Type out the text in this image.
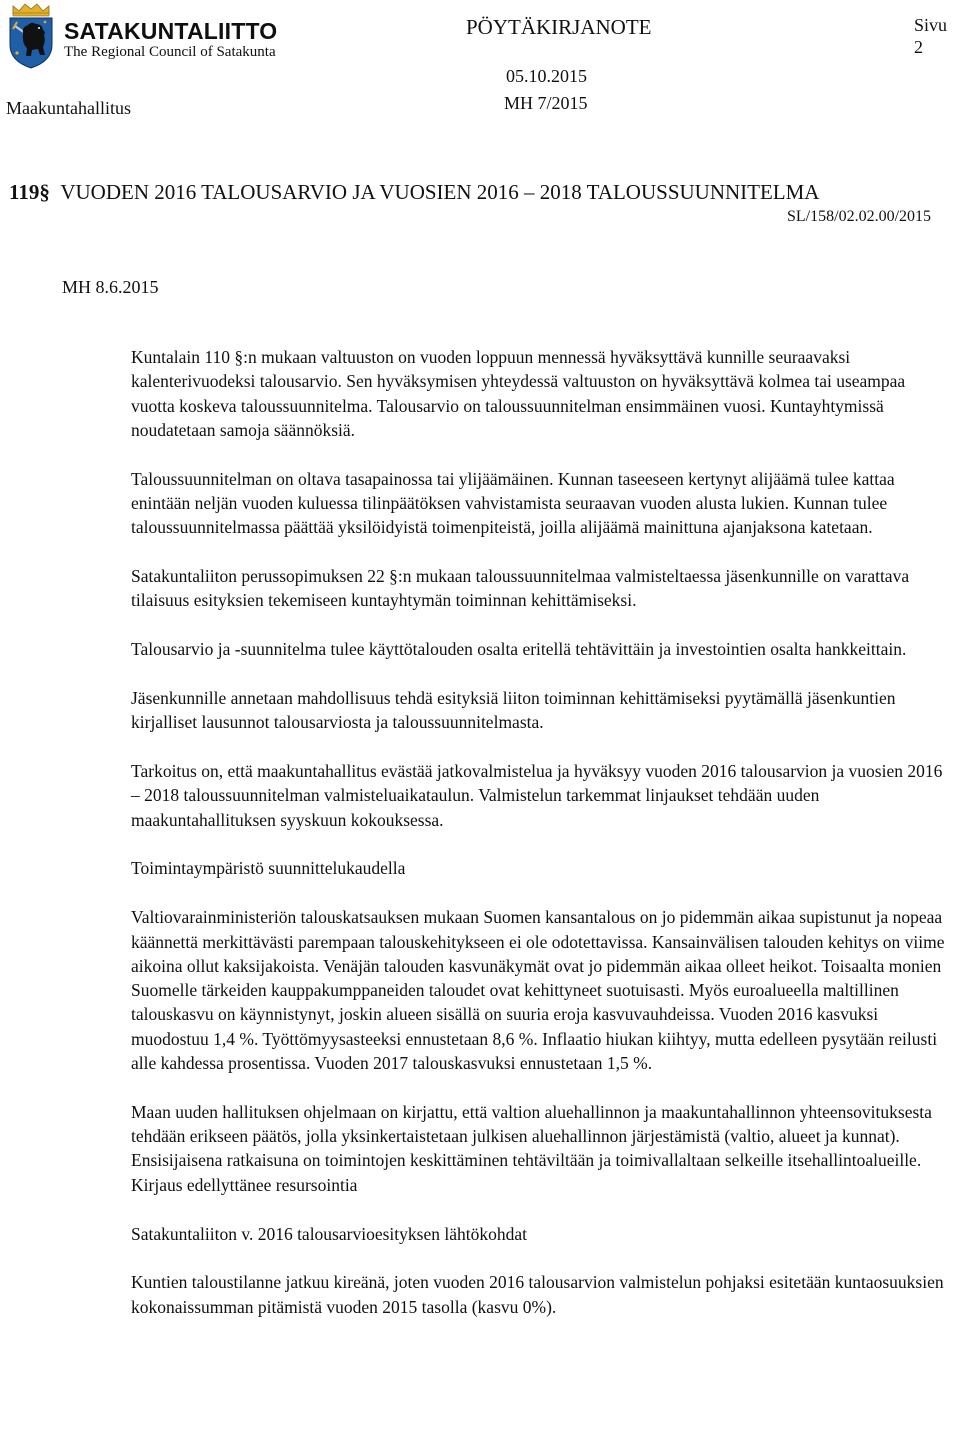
SATAKUNTALIITTO
The Regional Council of Satakunta
PÖYTÄKIRJANOTE	Sivu 2
05.10.2015
Maakuntahallitus	MH 7/2015
119§ VUODEN 2016 TALOUSARVIO JA VUOSIEN 2016 – 2018 TALOUSSUUNNITELMA
SL/158/02.02.00/2015
MH 8.6.2015

Kuntalain 110 §:n mukaan valtuuston on vuoden loppuun mennessä hyväksyttävä kunnille seuraavaksi kalenterivuodeksi talousarvio. Sen hyväksymisen yhteydessä valtuuston on hyväksyttävä kolmea tai useampaa vuotta koskeva taloussuunnitelma. Talousarvio on taloussuunnitelman ensimmäinen vuosi. Kuntayhtymissä noudatetaan samoja säännöksiä.

Taloussuunnitelman on oltava tasapainossa tai ylijäämäinen. Kunnan taseeseen kertynyt alijäämä tulee kattaa enintään neljän vuoden kuluessa tilinpäätöksen vahvistamista seuraavan vuoden alusta lukien. Kunnan tulee taloussuunnitelmassa päättää yksilöidyistä toimenpiteistä, joilla alijäämä mainittuna ajanjaksona katetaan.

Satakuntaliiton perussopimuksen 22 §:n mukaan taloussuunnitelmaa valmisteltaessa jäsenkunnille on varattava tilaisuus esityksien tekemiseen kuntayhtymän toiminnan kehittämiseksi.

Talousarvio ja -suunnitelma tulee käyttötalouden osalta eritellä tehtävittäin ja investointien osalta hankkeittain.

Jäsenkunnille annetaan mahdollisuus tehdä esityksiä liiton toiminnan kehittämiseksi pyytämällä jäsenkuntien kirjalliset lausunnot talousarviosta ja taloussuunnitelmasta.

Tarkoitus on, että maakuntahallitus evästää jatkovalmistelua ja hyväksyy vuoden 2016 talousarvion ja vuosien 2016 – 2018 taloussuunnitelman valmisteluaikataulun. Valmistelun tarkemmat linjaukset tehdään uuden maakuntahallituksen syyskuun kokouksessa.

Toimintaympäristö suunnittelukaudella

Valtiovarainministeriön talouskatsauksen mukaan Suomen kansantalous on jo pidemmän aikaa supistunut ja nopeaa käännettä merkittävästi parempaan talouskehitykseen ei ole odotettavissa. Kansainvälisen talouden kehitys on viime aikoina ollut kaksijakoista. Venäjän talouden kasvunäkymät ovat jo pidemmän aikaa olleet heikot. Toisaalta monien Suomelle tärkeiden kauppakumppaneiden taloudet ovat kehittyneet suotuisasti. Myös euroalueella maltillinen talouskasvu on käynnistynyt, joskin alueen sisällä on suuria eroja kasvuvauhdeissa. Vuoden 2016 kasvuksi muodostuu 1,4 %. Työttömyysasteeksi ennustetaan 8,6 %. Inflaatio hiukan kiihtyy, mutta edelleen pysytään reilusti alle kahdessa prosentissa. Vuoden 2017 talouskasvuksi ennustetaan 1,5 %.

Maan uuden hallituksen ohjelmaan on kirjattu, että valtion aluehallinnon ja maakuntahallinnon yhteensovituksesta tehdään erikseen päätös, jolla yksinkertaistetaan julkisen aluehallinnon järjestämistä (valtio, alueet ja kunnat). Ensisijaisena ratkaisuna on toimintojen keskittäminen tehtäviltään ja toimivallaltaan selkeille itsehallintoalueille. Kirjaus edellyttänee resursointia

Satakuntaliiton v. 2016 talousarvioesityksen lähtökohdat

Kuntien taloustilanne jatkuu kireänä, joten vuoden 2016 talousarvion valmistelun pohjaksi esitetään kuntaosuuksien kokonaissumman pitämistä vuoden 2015 tasolla (kasvu 0%).
